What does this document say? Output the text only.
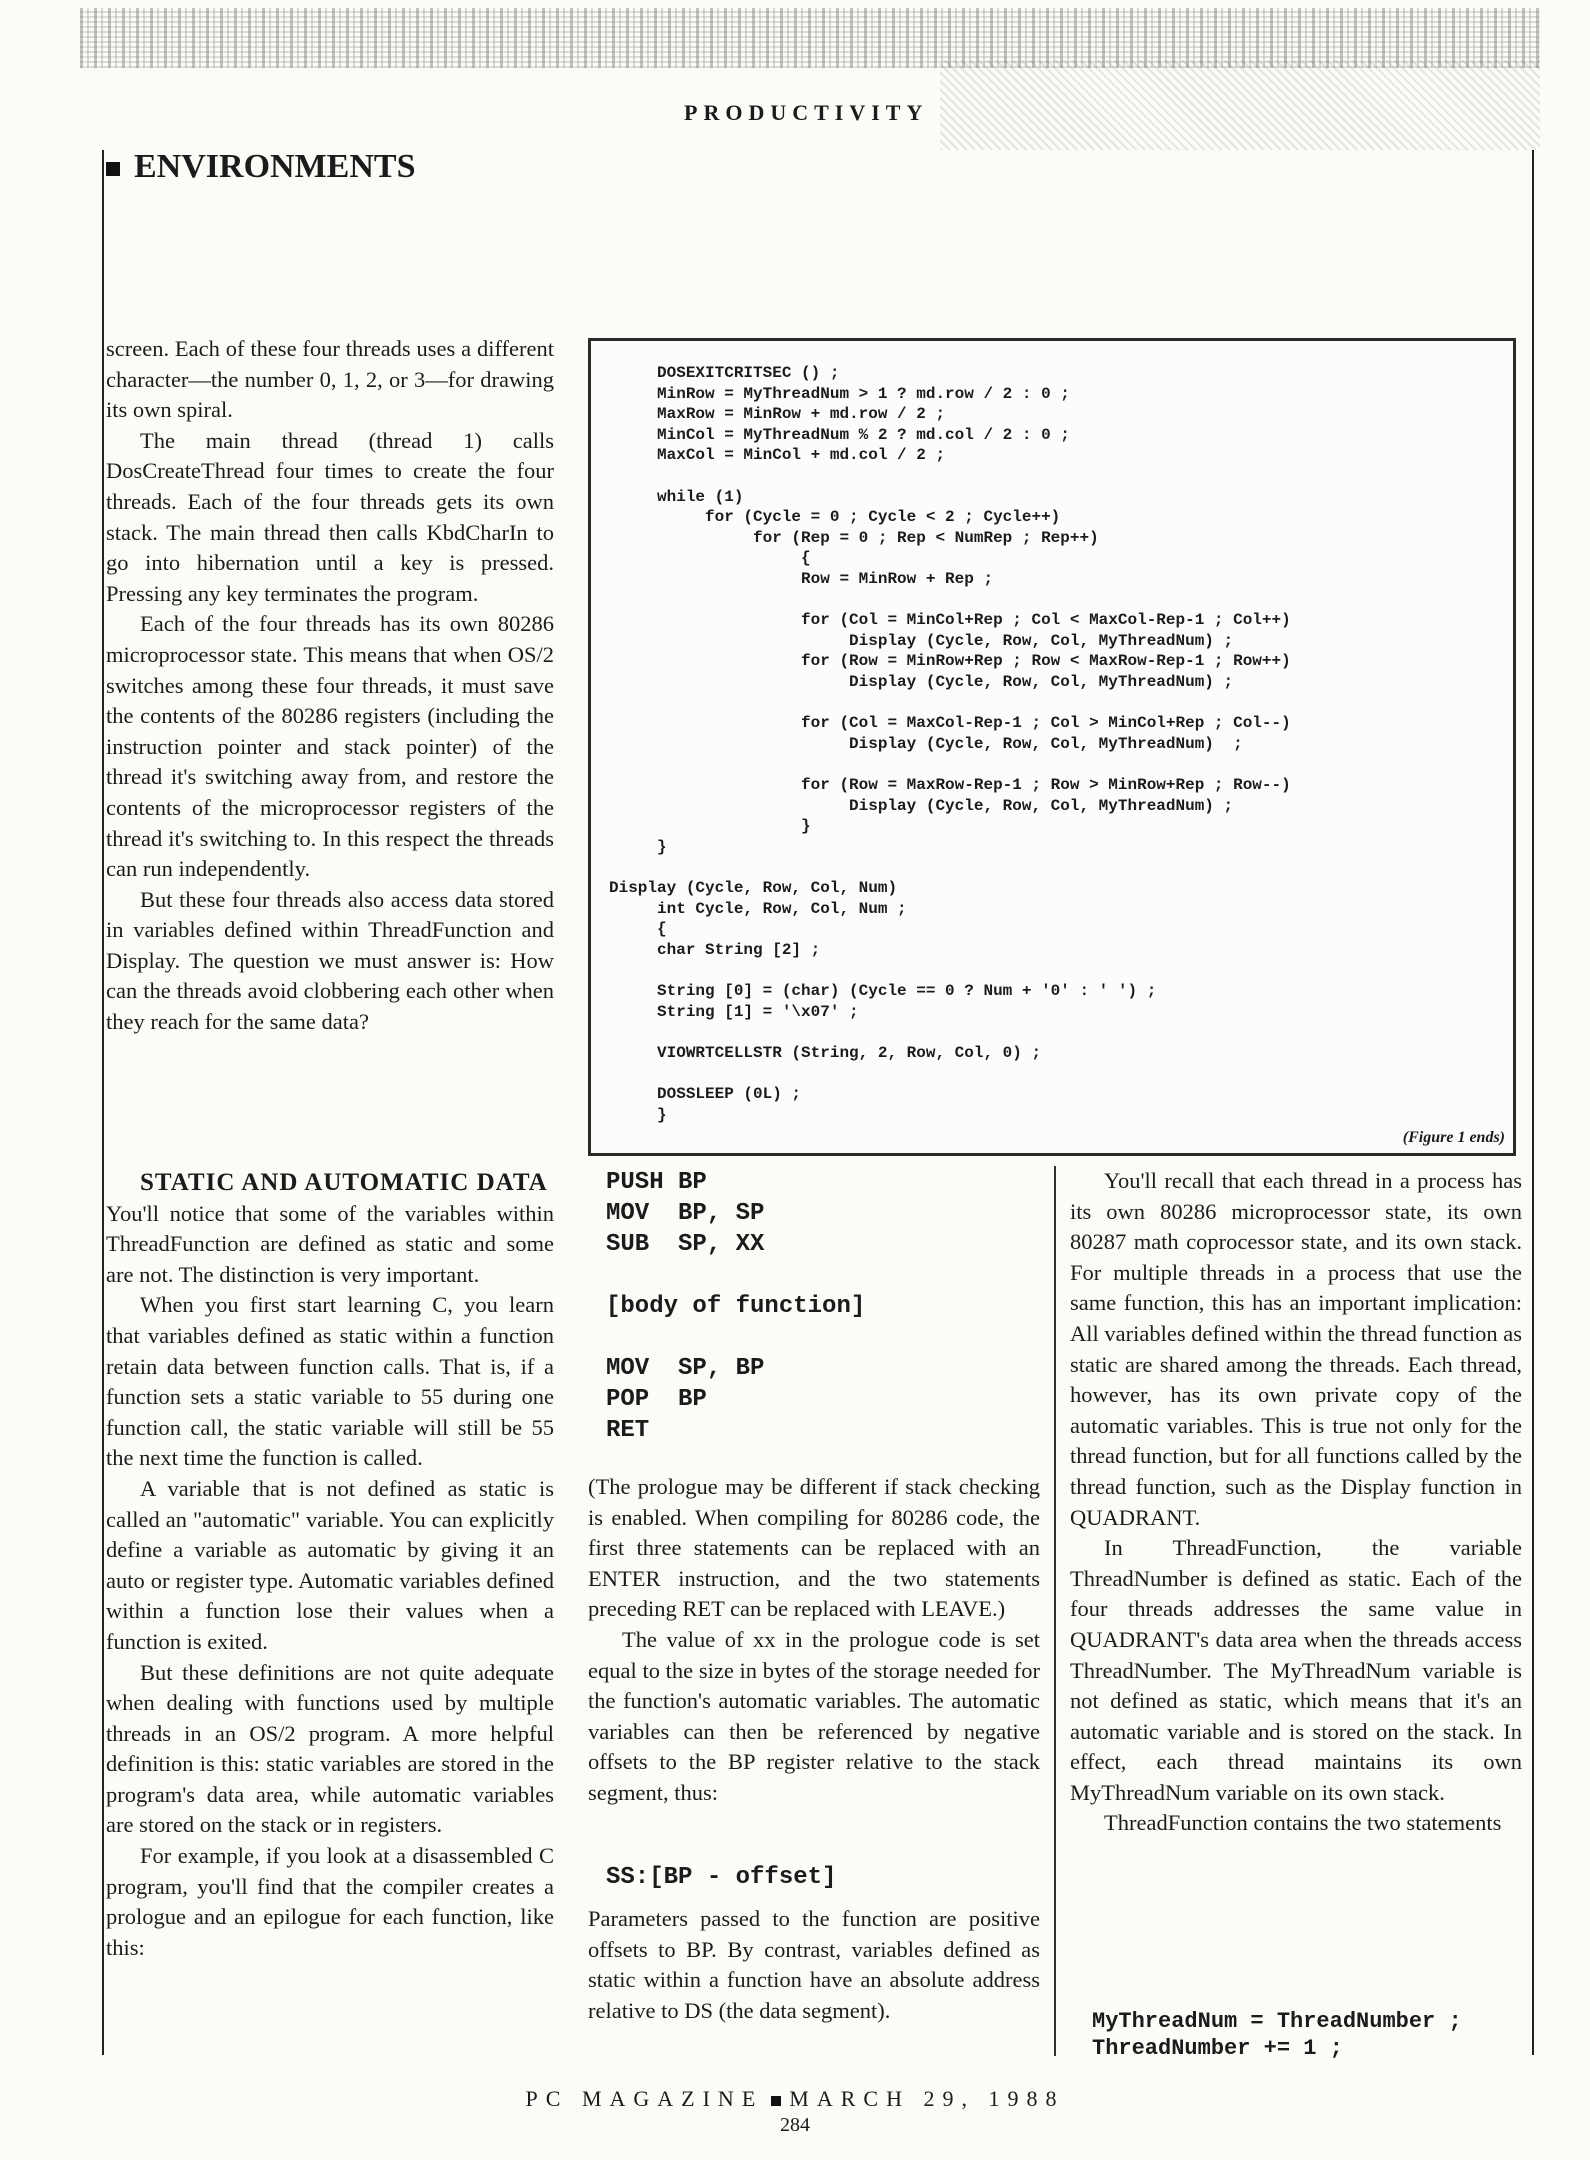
PRODUCTIVITY
ENVIRONMENTS

screen. Each of these four threads uses a different character—the number 0, 1, 2, or 3—for drawing its own spiral.

The main thread (thread 1) calls DosCreateThread four times to create the four threads. Each of the four threads gets its own stack. The main thread then calls KbdCharIn to go into hibernation until a key is pressed. Pressing any key terminates the program.

Each of the four threads has its own 80286 microprocessor state. This means that when OS/2 switches among these four threads, it must save the contents of the 80286 registers (including the instruction pointer and stack pointer) of the thread it's switching away from, and restore the contents of the microprocessor registers of the thread it's switching to. In this respect the threads can run independently.

But these four threads also access data stored in variables defined within ThreadFunction and Display. The question we must answer is: How can the threads avoid clobbering each other when they reach for the same data?

DOSEXITCRITSEC () ;
MinRow = MyThreadNum > 1 ? md.row / 2 : 0 ;
MaxRow = MinRow + md.row / 2 ;
MinCol = MyThreadNum % 2 ? md.col / 2 : 0 ;
MaxCol = MinCol + md.col / 2 ;
while (1)
for (Cycle = 0 ; Cycle < 2 ; Cycle++)
for (Rep = 0 ; Rep < NumRep ; Rep++)
{
Row = MinRow + Rep ;
for (Col = MinCol+Rep ; Col < MaxCol-Rep-1 ; Col++)
Display (Cycle, Row, Col, MyThreadNum) ;
for (Row = MinRow+Rep ; Row < MaxRow-Rep-1 ; Row++)
Display (Cycle, Row, Col, MyThreadNum) ;
for (Col = MaxCol-Rep-1 ; Col > MinCol+Rep ; Col--)
Display (Cycle, Row, Col, MyThreadNum)  ;
for (Row = MaxRow-Rep-1 ; Row > MinRow+Rep ; Row--)
Display (Cycle, Row, Col, MyThreadNum) ;
}
}
Display (Cycle, Row, Col, Num)
int Cycle, Row, Col, Num ;
{
char String [2] ;
String [0] = (char) (Cycle == 0 ? Num + '0' : ' ') ;
String [1] = '\x07' ;
VIOWRTCELLSTR (String, 2, Row, Col, 0) ;
DOSSLEEP (0L) ;
}
(Figure 1 ends)

STATIC AND AUTOMATIC DATA

You'll notice that some of the variables within ThreadFunction are defined as static and some are not. The distinction is very important.

When you first start learning C, you learn that variables defined as static within a function retain data between function calls. That is, if a function sets a static variable to 55 during one function call, the static variable will still be 55 the next time the function is called.

A variable that is not defined as static is called an "automatic" variable. You can explicitly define a variable as automatic by giving it an auto or register type. Automatic variables defined within a function lose their values when a function is exited.

But these definitions are not quite adequate when dealing with functions used by multiple threads in an OS/2 program. A more helpful definition is this: static variables are stored in the program's data area, while automatic variables are stored on the stack or in registers.

For example, if you look at a disassembled C program, you'll find that the compiler creates a prologue and an epilogue for each function, like this:

PUSH BP
MOV  BP, SP
SUB  SP, XX

[body of function]

MOV  SP, BP
POP  BP
RET

(The prologue may be different if stack checking is enabled. When compiling for 80286 code, the first three statements can be replaced with an ENTER instruction, and the two statements preceding RET can be replaced with LEAVE.)

The value of xx in the prologue code is set equal to the size in bytes of the storage needed for the function's automatic variables. The automatic variables can then be referenced by negative offsets to the BP register relative to the stack segment, thus:

SS:[BP - offset]

Parameters passed to the function are positive offsets to BP. By contrast, variables defined as static within a function have an absolute address relative to DS (the data segment).

You'll recall that each thread in a process has its own 80286 microprocessor state, its own 80287 math coprocessor state, and its own stack. For multiple threads in a process that use the same function, this has an important implication: All variables defined within the thread function as static are shared among the threads. Each thread, however, has its own private copy of the automatic variables. This is true not only for the thread function, but for all functions called by the thread function, such as the Display function in QUADRANT.

In ThreadFunction, the variable ThreadNumber is defined as static. Each of the four threads addresses the same value in QUADRANT's data area when the threads access ThreadNumber. The MyThreadNum variable is not defined as static, which means that it's an automatic variable and is stored on the stack. In effect, each thread maintains its own MyThreadNum variable on its own stack.

ThreadFunction contains the two statements

MyThreadNum = ThreadNumber ;
ThreadNumber += 1 ;
PC MAGAZINE MARCH 29, 1988
284
